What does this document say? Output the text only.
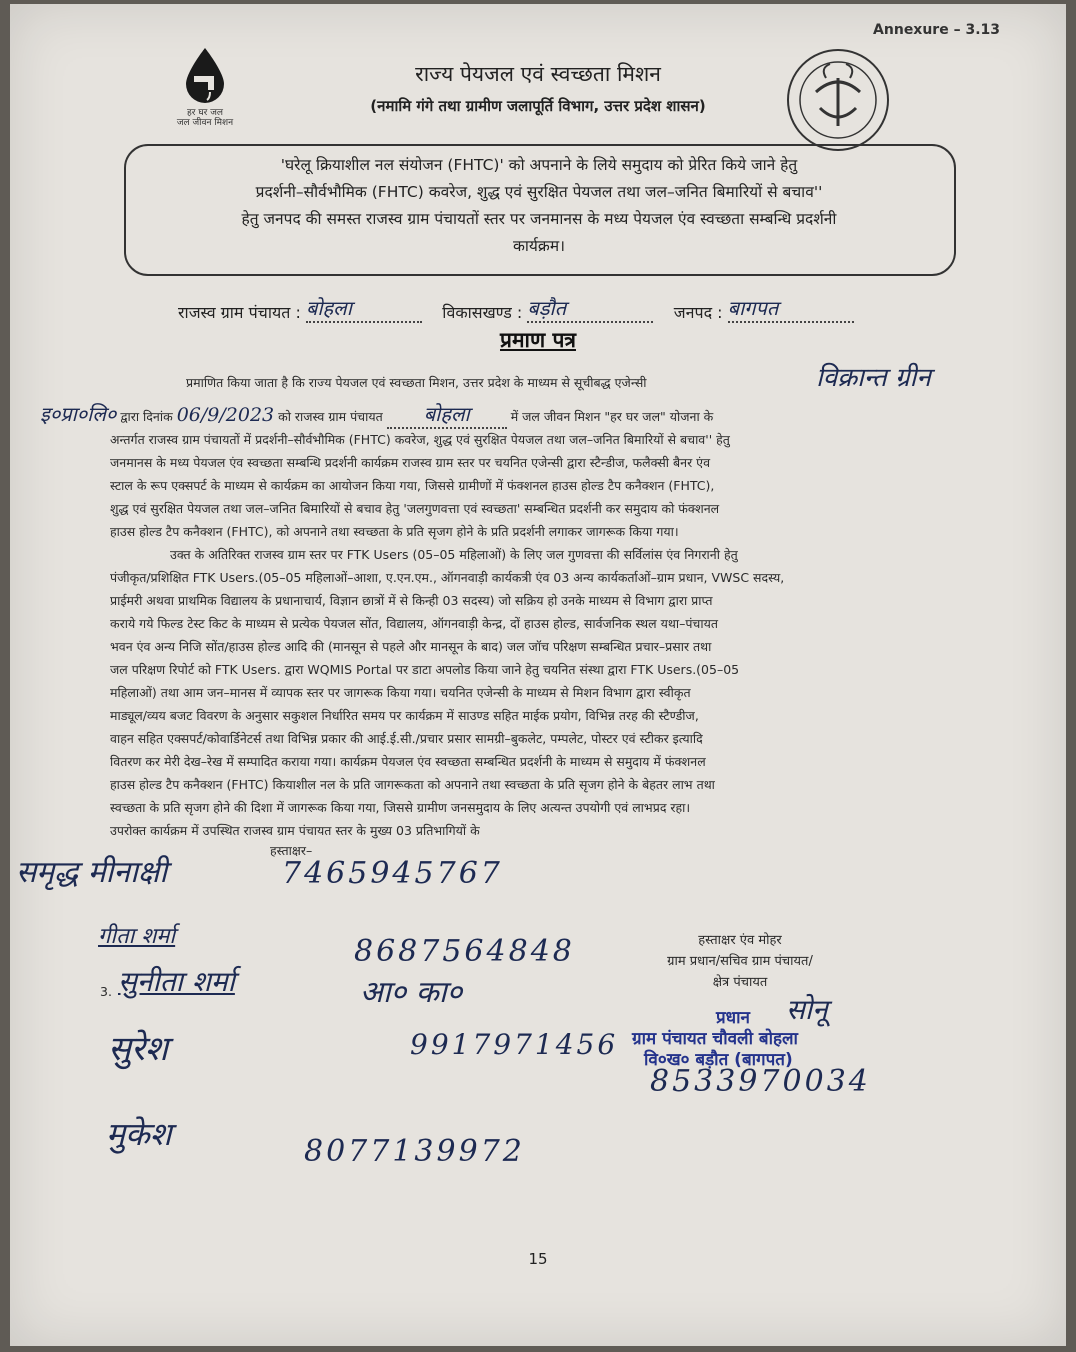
Annexure – 3.13
हर घर जल
जल जीवन मिशन
राज्य पेयजल एवं स्वच्छता मिशन
(नमामि गंगे तथा ग्रामीण जलापूर्ति विभाग, उत्तर प्रदेश शासन)
'घरेलू क्रियाशील नल संयोजन (FHTC)' को अपनाने के लिये समुदाय को प्रेरित किये जाने हेतु
प्रदर्शनी–सौर्वभौमिक (FHTC) कवरेज, शुद्ध एवं सुरक्षित पेयजल तथा जल–जनित बिमारियों से बचाव''
हेतु जनपद की समस्त राजस्व ग्राम पंचायतों स्तर पर जनमानस के मध्य पेयजल एंव स्वच्छता सम्बन्धि प्रदर्शनी
कार्यक्रम।
राजस्व ग्राम पंचायत : बोहला	विकासखण्ड : बड़ौत	जनपद : बागपत
प्रमाण पत्र
प्रमाणित किया जाता है कि राज्य पेयजल एवं स्वच्छता मिशन, उत्तर प्रदेश के माध्यम से सूचीबद्ध एजेन्सी	विक्रान्त ग्रीन
इ०प्रा०लि० द्वारा दिनांक 06/9/2023 को राजस्व ग्राम पंचायत बोहला	में जल जीवन मिशन "हर घर जल" योजना के
अन्तर्गत राजस्व ग्राम पंचायतों में प्रदर्शनी–सौर्वभौमिक (FHTC) कवरेज, शुद्ध एवं सुरक्षित पेयजल तथा जल–जनित बिमारियों से बचाव'' हेतु
जनमानस के मध्य पेयजल एंव स्वच्छता सम्बन्धि प्रदर्शनी कार्यक्रम राजस्व ग्राम स्तर पर चयनित एजेन्सी द्वारा स्टैन्डीज, फलैक्सी बैनर एंव
स्टाल के रूप एक्सपर्ट के माध्यम से कार्यक्रम का आयोजन किया गया, जिससे ग्रामीणों में फंक्शनल हाउस होल्ड टैप कनैक्शन (FHTC),
शुद्ध एवं सुरक्षित पेयजल तथा जल–जनित बिमारियों से बचाव हेतु 'जलगुणवत्ता एवं स्वच्छता' सम्बन्धित प्रदर्शनी कर समुदाय को फंक्शनल
हाउस होल्ड टैप कनैक्शन (FHTC), को अपनाने तथा स्वच्छता के प्रति सृजग होने के प्रति प्रदर्शनी लगाकर जागरूक किया गया।
उक्त के अतिरिक्त राजस्व ग्राम स्तर पर FTK Users (05–05 महिलाओं) के लिए जल गुणवत्ता की सर्विलांस एंव निगरानी हेतु
पंजीकृत/प्रशिक्षित FTK Users.(05–05 महिलाओं–आशा, ए.एन.एम., ऑगनवाड़ी कार्यकत्री एंव 03 अन्य कार्यकर्ताओं–ग्राम प्रधान, VWSC सदस्य,
प्राईमरी अथवा प्राथमिक विद्यालय के प्रधानाचार्य, विज्ञान छात्रों में से किन्ही 03 सदस्य) जो सक्रिय हो उनके माध्यम से विभाग द्वारा प्राप्त
कराये गये फिल्ड टेस्ट किट के माध्यम से प्रत्येक पेयजल सोंत, विद्यालय, ऑगनवाड़ी केन्द्र, दों हाउस होल्ड, सार्वजनिक स्थल यथा–पंचायत
भवन एंव अन्य निजि सोंत/हाउस होल्ड आदि की (मानसून से पहले और मानसून के बाद) जल जॉच परिक्षण सम्बन्धित प्रचार–प्रसार तथा
जल परिक्षण रिपोर्ट को FTK Users. द्वारा WQMIS Portal पर डाटा अपलोड किया जाने हेतु चयनित संस्था द्वारा FTK Users.(05–05
महिलाओं) तथा आम जन–मानस में व्यापक स्तर पर जागरूक किया गया। चयनित एजेन्सी के माध्यम से मिशन विभाग द्वारा स्वीकृत
माड्यूल/व्यय बजट विवरण के अनुसार सकुशल निर्धारित समय पर कार्यक्रम में साउण्ड सहित माईक प्रयोग, विभिन्न तरह की स्टैण्डीज,
वाहन सहित एक्सपर्ट/कोवार्डिनेटर्स तथा विभिन्न प्रकार की आई.ई.सी./प्रचार प्रसार सामग्री–बुकलेट, पम्पलेट, पोस्टर एवं स्टीकर इत्यादि
वितरण कर मेरी देख–रेख में सम्पादित कराया गया। कार्यक्रम पेयजल एंव स्वच्छता सम्बन्धित प्रदर्शनी के माध्यम से समुदाय में फंक्शनल
हाउस होल्ड टैप कनैक्शन (FHTC) कियाशील नल के प्रति जागरूकता को अपनाने तथा स्वच्छता के प्रति सृजग होने के बेहतर लाभ तथा
स्वच्छता के प्रति सृजग होने की दिशा में जागरूक किया गया, जिससे ग्रामीण जनसमुदाय के लिए अत्यन्त उपयोगी एवं लाभप्रद रहा।
उपरोक्त कार्यक्रम में उपस्थित राजस्व ग्राम पंचायत स्तर के मुख्य 03 प्रतिभागियों के
हस्ताक्षर–
समृद्ध मीनाक्षी	7465945767
गीता शर्मा	8687564848
3. सुनीता शर्मा	आ० का०
सुरेश	9917971456
मुकेश	8077139972
हस्ताक्षर एंव मोहर
ग्राम प्रधान/सचिव ग्राम पंचायत/
क्षेत्र पंचायत
सोनू
प्रधान
ग्राम पंचायत चौवली बोहला
वि०ख० बड़ौत (बागपत)
8533970034
15
